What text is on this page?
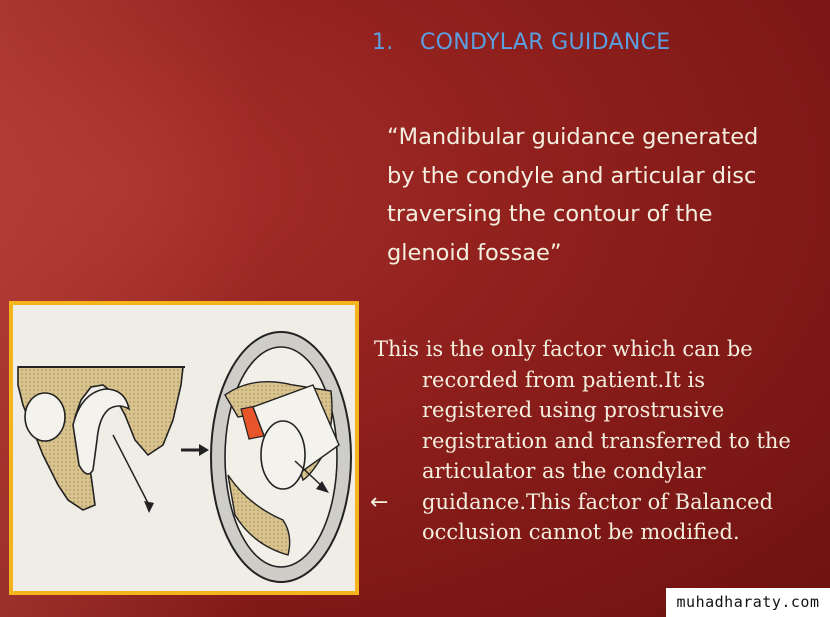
1. CONDYLAR GUIDANCE
“Mandibular guidance generated
by the condyle and articular disc
traversing the contour of the
glenoid fossae”
This is the only factor which can be
recorded from patient.It is
registered using prostrusive
registration and transferred to the
articulator as the condylar
guidance.This factor of Balanced
occlusion cannot be modified.
←
muhadharaty.com
